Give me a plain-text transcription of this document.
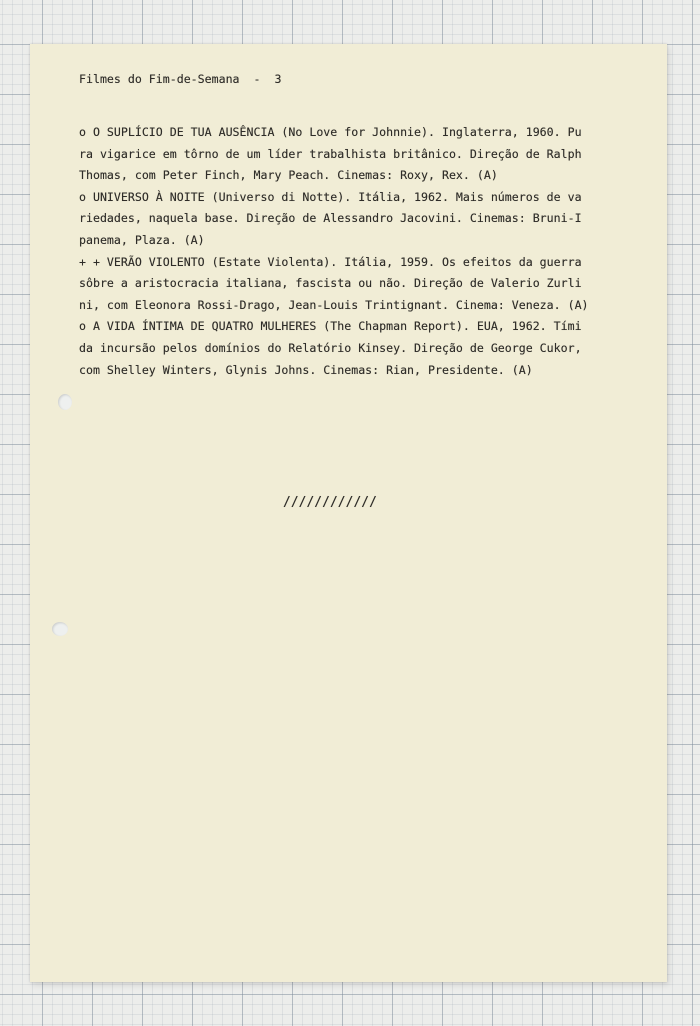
Filmes do Fim-de-Semana  -  3
o O SUPLÍCIO DE TUA AUSÊNCIA (No Love for Johnnie). Inglaterra, 1960. Pu
ra vigarice em tôrno de um líder trabalhista britânico. Direção de Ralph
Thomas, com Peter Finch, Mary Peach. Cinemas: Roxy, Rex. (A)
o UNIVERSO À NOITE (Universo di Notte). Itália, 1962. Mais números de va
riedades, naquela base. Direção de Alessandro Jacovini. Cinemas: Bruni-I
panema, Plaza. (A)
+ + VERÃO VIOLENTO (Estate Violenta). Itália, 1959. Os efeitos da guerra
sôbre a aristocracia italiana, fascista ou não. Direção de Valerio Zurli
ni, com Eleonora Rossi-Drago, Jean-Louis Trintignant. Cinema: Veneza. (A)
o A VIDA ÍNTIMA DE QUATRO MULHERES (The Chapman Report). EUA, 1962. Tími
da incursão pelos domínios do Relatório Kinsey. Direção de George Cukor,
com Shelley Winters, Glynis Johns. Cinemas: Rian, Presidente. (A)
////////////
